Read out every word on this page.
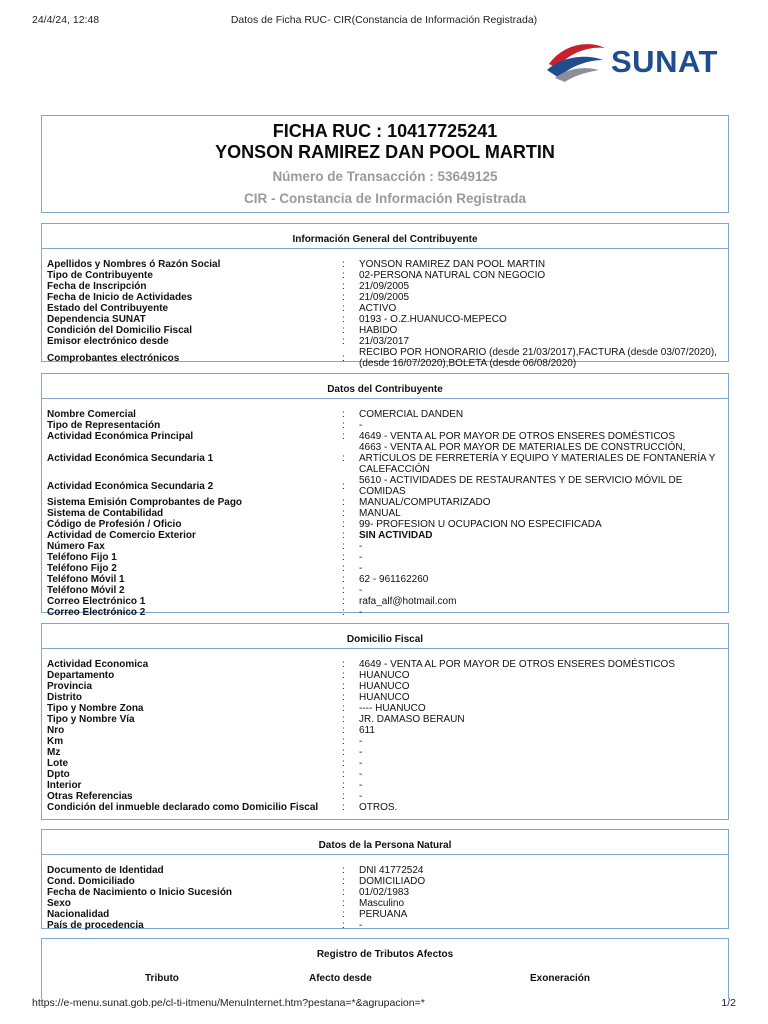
24/4/24, 12:48	Datos de Ficha RUC- CIR(Constancia de Información Registrada)
SUNAT
FICHA RUC : 10417725241
YONSON RAMIREZ DAN POOL MARTIN
Número de Transacción : 53649125
CIR - Constancia de Información Registrada
Información General del Contribuyente
Apellidos y Nombres ó Razón Social	:	YONSON RAMIREZ DAN POOL MARTIN
Tipo de Contribuyente	:	02-PERSONA NATURAL CON NEGOCIO
Fecha de Inscripción	:	21/09/2005
Fecha de Inicio de Actividades	:	21/09/2005
Estado del Contribuyente	:	ACTIVO
Dependencia SUNAT	:	0193 - O.Z.HUANUCO-MEPECO
Condición del Domicilio Fiscal	:	HABIDO
Emisor electrónico desde	:	21/03/2017
Comprobantes electrónicos	:	RECIBO POR HONORARIO (desde 21/03/2017),FACTURA (desde 03/07/2020), (desde 16/07/2020),BOLETA (desde 06/08/2020)
Datos del Contribuyente
Nombre Comercial	:	COMERCIAL DANDEN
Tipo de Representación	:	-
Actividad Económica Principal	:	4649 - VENTA AL POR MAYOR DE OTROS ENSERES DOMÉSTICOS
Actividad Económica Secundaria 1	:
4663 - VENTA AL POR MAYOR DE MATERIALES DE CONSTRUCCIÓN, ARTÍCULOS DE FERRETERÍA Y EQUIPO Y MATERIALES DE FONTANERÍA Y CALEFACCIÓN
Actividad Económica Secundaria 2	:	5610 - ACTIVIDADES DE RESTAURANTES Y DE SERVICIO MÓVIL DE COMIDAS
Sistema Emisión Comprobantes de Pago	:	MANUAL/COMPUTARIZADO
Sistema de Contabilidad	:	MANUAL
Código de Profesión / Oficio	:	99- PROFESION U OCUPACION NO ESPECIFICADA
Actividad de Comercio Exterior	:	SIN ACTIVIDAD
Número Fax	:	-
Teléfono Fijo 1	:	-
Teléfono Fijo 2	:	-
Teléfono Móvil 1	:	62 - 961162260
Teléfono Móvil 2	:	-
Correo Electrónico 1	:	rafa_alf@hotmail.com
Correo Electrónico 2	:	-
Domicilio Fiscal
Actividad Economica	:	4649 - VENTA AL POR MAYOR DE OTROS ENSERES DOMÉSTICOS
Departamento	:	HUANUCO
Provincia	:	HUANUCO
Distrito	:	HUANUCO
Tipo y Nombre Zona	:	---- HUANUCO
Tipo y Nombre Vía	:	JR. DAMASO BERAUN
Nro	:	611
Km	:	-
Mz	:	-
Lote	:	-
Dpto	:	-
Interior	:	-
Otras Referencias	:	-
Condición del inmueble declarado como Domicilio Fiscal	:	OTROS.
Datos de la Persona Natural
Documento de Identidad	:	DNI 41772524
Cond. Domiciliado	:	DOMICILIADO
Fecha de Nacimiento o Inicio Sucesión	:	01/02/1983
Sexo	:	Masculino
Nacionalidad	:	PERUANA
País de procedencia	:	-
Registro de Tributos Afectos
Tributo	Afecto desde	Exoneración
https://e-menu.sunat.gob.pe/cl-ti-itmenu/MenuInternet.htm?pestana=*&agrupacion=*	1/2
